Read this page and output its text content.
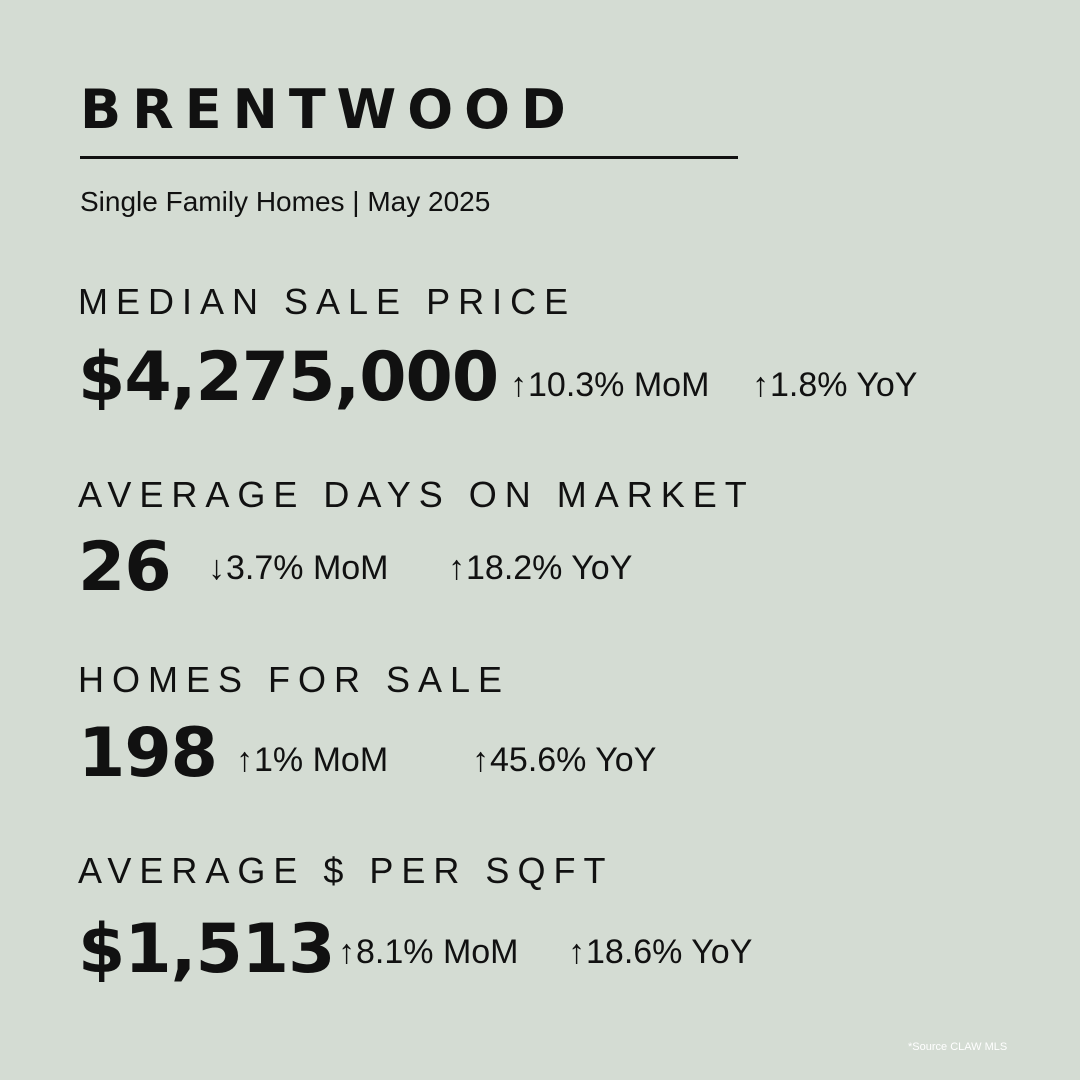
BRENTWOOD
Single Family Homes | May 2025
MEDIAN SALE PRICE
$4,275,000 ↑10.3% MoM ↑1.8% YoY
AVERAGE DAYS ON MARKET
26 ↓3.7% MoM ↑18.2% YoY
HOMES FOR SALE
198 ↑1% MoM ↑45.6% YoY
AVERAGE $ PER SQFT
$1,513 ↑8.1% MoM ↑18.6% YoY
*Source CLAW MLS
